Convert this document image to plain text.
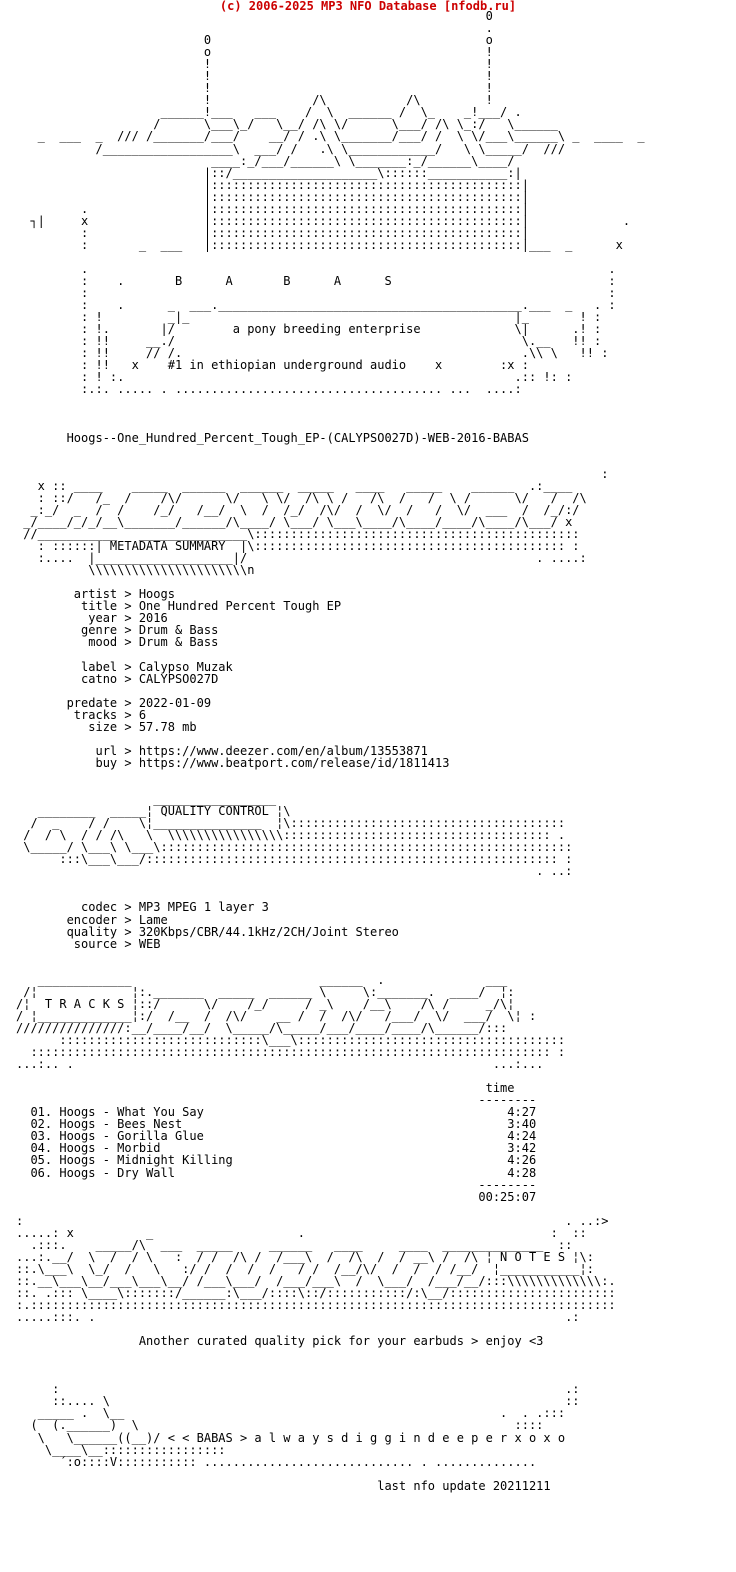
(c) 2006-2025 MP3 NFO Database [nfodb.ru]
0
.
0                                      o
o                                      !
!                                      !
!                                      !
!                                      !
!              /\           /\         !
______!___   ___    /  \  ______ /  \_    _!___/ .
/      \___\_/   \__/ /\ \/      \___/ /\ \_:/   \______
_  ___  _  /// /_______/___/    __/ / .\ \_______/___/ /  \ \/___\______\ _  ____  _
/__________________\  ___/ /   .\ \____________/   \ \_____/  ///
____:_/___/______\ \_______:_/______\____/
|::/____________________\::::::___________:|
|:::::::::::::::::::::::::::::::::::::::::::|
|:::::::::::::::::::::::::::::::::::::::::::|
.                |:::::::::::::::::::::::::::::::::::::::::::|
┐|     x                |:::::::::::::::::::::::::::::::::::::::::::|             .
:                |:::::::::::::::::::::::::::::::::::::::::::|
:       _  ___   |:::::::::::::::::::::::::::::::::::::::::::|___  _      x

.                                                                        .
:    .       B      A       B      A      S                              :
:                                                                        :
:    .      _  ___.__________________________________________.___  _   . :
: !         _|_                                             |_       ! :
: !.       |/        a pony breeding enterprise             \|      .! :
: !!     __./                                                \.__   !! :
: !!     // /.                                               .\\ \   !! :
: !!   x    #1 in ethiopian underground audio    x        :x :
: ! :.                                                      .:: !: :
:.:. ..... . ..................................... ...  ....:

Hoogs--One_Hundred_Percent_Tough_EP-(CALYPSO027D)-WEB-2016-BABAS

:
x :: ____    _____  ______  ______  _____   ____   _____    ______  .:____
: ::/   /_  /    /\/      \/   \ \/  /\ \ /   /\  /   /  \ /      \/   /  /\
_:_/  _  /  /    /_/   /__/  \  /  /_/  /\/  /  \/  /   /  \/  ___  /  /_/:/
_/____/_/_/__\_______/______/\____/ \___/ \___\____/\____/____/\____/\___/ x
//___________   _______________\:::::::::::::::::::::::::::::::::::::::::::::
: ::::::| METADATA SUMMARY  |\::::::::::::::::::::::::::::::::::::::::::: :
:....  |___________________|/                                        . ....:
\\\\\\\\\\\\\\\\\\\\\\n

artist > Hoogs
title > One Hundred Percent Tough EP
year > 2016
genre > Drum & Bass
mood > Drum & Bass

label > Calypso Muzak
catno > CALYPSO027D

predate > 2022-01-09
tracks > 6
size > 57.78 mb

url > https://www.deezer.com/en/album/13553871
buy > https://www.beatport.com/release/id/1811413

_________________
________  _____¦ QUALITY CONTROL ¦\
/  _    / /    \¦_______________  ¦\::::::::::::::::::::::::::::::::::::::
/  / \  / / /\   \  \\\\\\\\\\\\\\\\::::::::::::::::::::::::::::::::::::: .
\_____/ \___\ \___\:::::::::::::::::::::::::::::::::::::::::::::::::::::::::
:::\___\___/::::::::::::::::::::::::::::::::::::::::::::::::::::::::: :
. ..:

codec > MP3 MPEG 1 layer 3
encoder > Lame
quality > 320Kbps/CBR/44.1kHz/2CH/Joint Stereo
source > WEB

_____________                          ______  .              ___
/¦             ¦:._______  _____  ______ \     \:_______.  ____/  ¦:
/¦  T R A C K S ¦::/      \/    /_/     / _\    /__\    /\ /     _/\¦
/ ¦_____________¦:/  /__  /  /\/    __ /  /  /\/   /___/  \/  ___/  \¦ :
///////////////:__/____/__/  \_____/\_____/___/____/____/\______/:::
::::::::::::::::::::::::::::\___\:::::::::::::::::::::::::::::::::::::
:::::::::::::::::::::::::::::::::::::::::::::::::::::::::::::::::::::::: :
...:.. .                                                          ...:...

time
--------
01. Hoogs - What You Say                                          4:27
02. Hoogs - Bees Nest                                             3:40
03. Hoogs - Gorilla Glue                                          4:24
04. Hoogs - Morbid                                                3:42
05. Hoogs - Midnight Killing                                      4:26
06. Hoogs - Dry Wall                                              4:28
--------
00:25:07

:                                                                           . ..:>
.....: x          _                    .                                  :  ::
.:::.    _____/\  ___  _____     ______   ____     ____  ______________  ::
...:.__/  \  /  / \   :  / /  /\ /  /___\  /  /\  /  / __\ /  /\ ¦ N O T E S ¦\:
::.\___\  \_/  /   \   :/ /  /  /  /   / /  /__/\/  /  /  / /__/  ¦___________¦:
::.__\___\__/___\___\__/ /___\___/  /___/___\  /  \___/  /___/__/:::\\\\\\\\\\\\\:.
::. .::: \____\:::::::/______:\___/::::\::/:::::::::::/:\__/:::::::::::::::::::::::
:.:::::::::::::::::::::::::::::::::::::::::::::::::::::::::::::::::::::::::::::::::
.....:::. .                                                                 .:

Another curated quality pick for your earbuds > enjoy <3

:                                                                      .:
::.... \                                                               ::
_____ .  \__                                                    .  . .:::
(  (.______)  \                                                    ::::
\   \______((__)/ < < BABAS > a l w a y s d i g g i n d e e p e r x o x o
\____\__:::::::::::::::::
´:o::::V::::::::::: ............................. . ..............

last nfo update 20211211
